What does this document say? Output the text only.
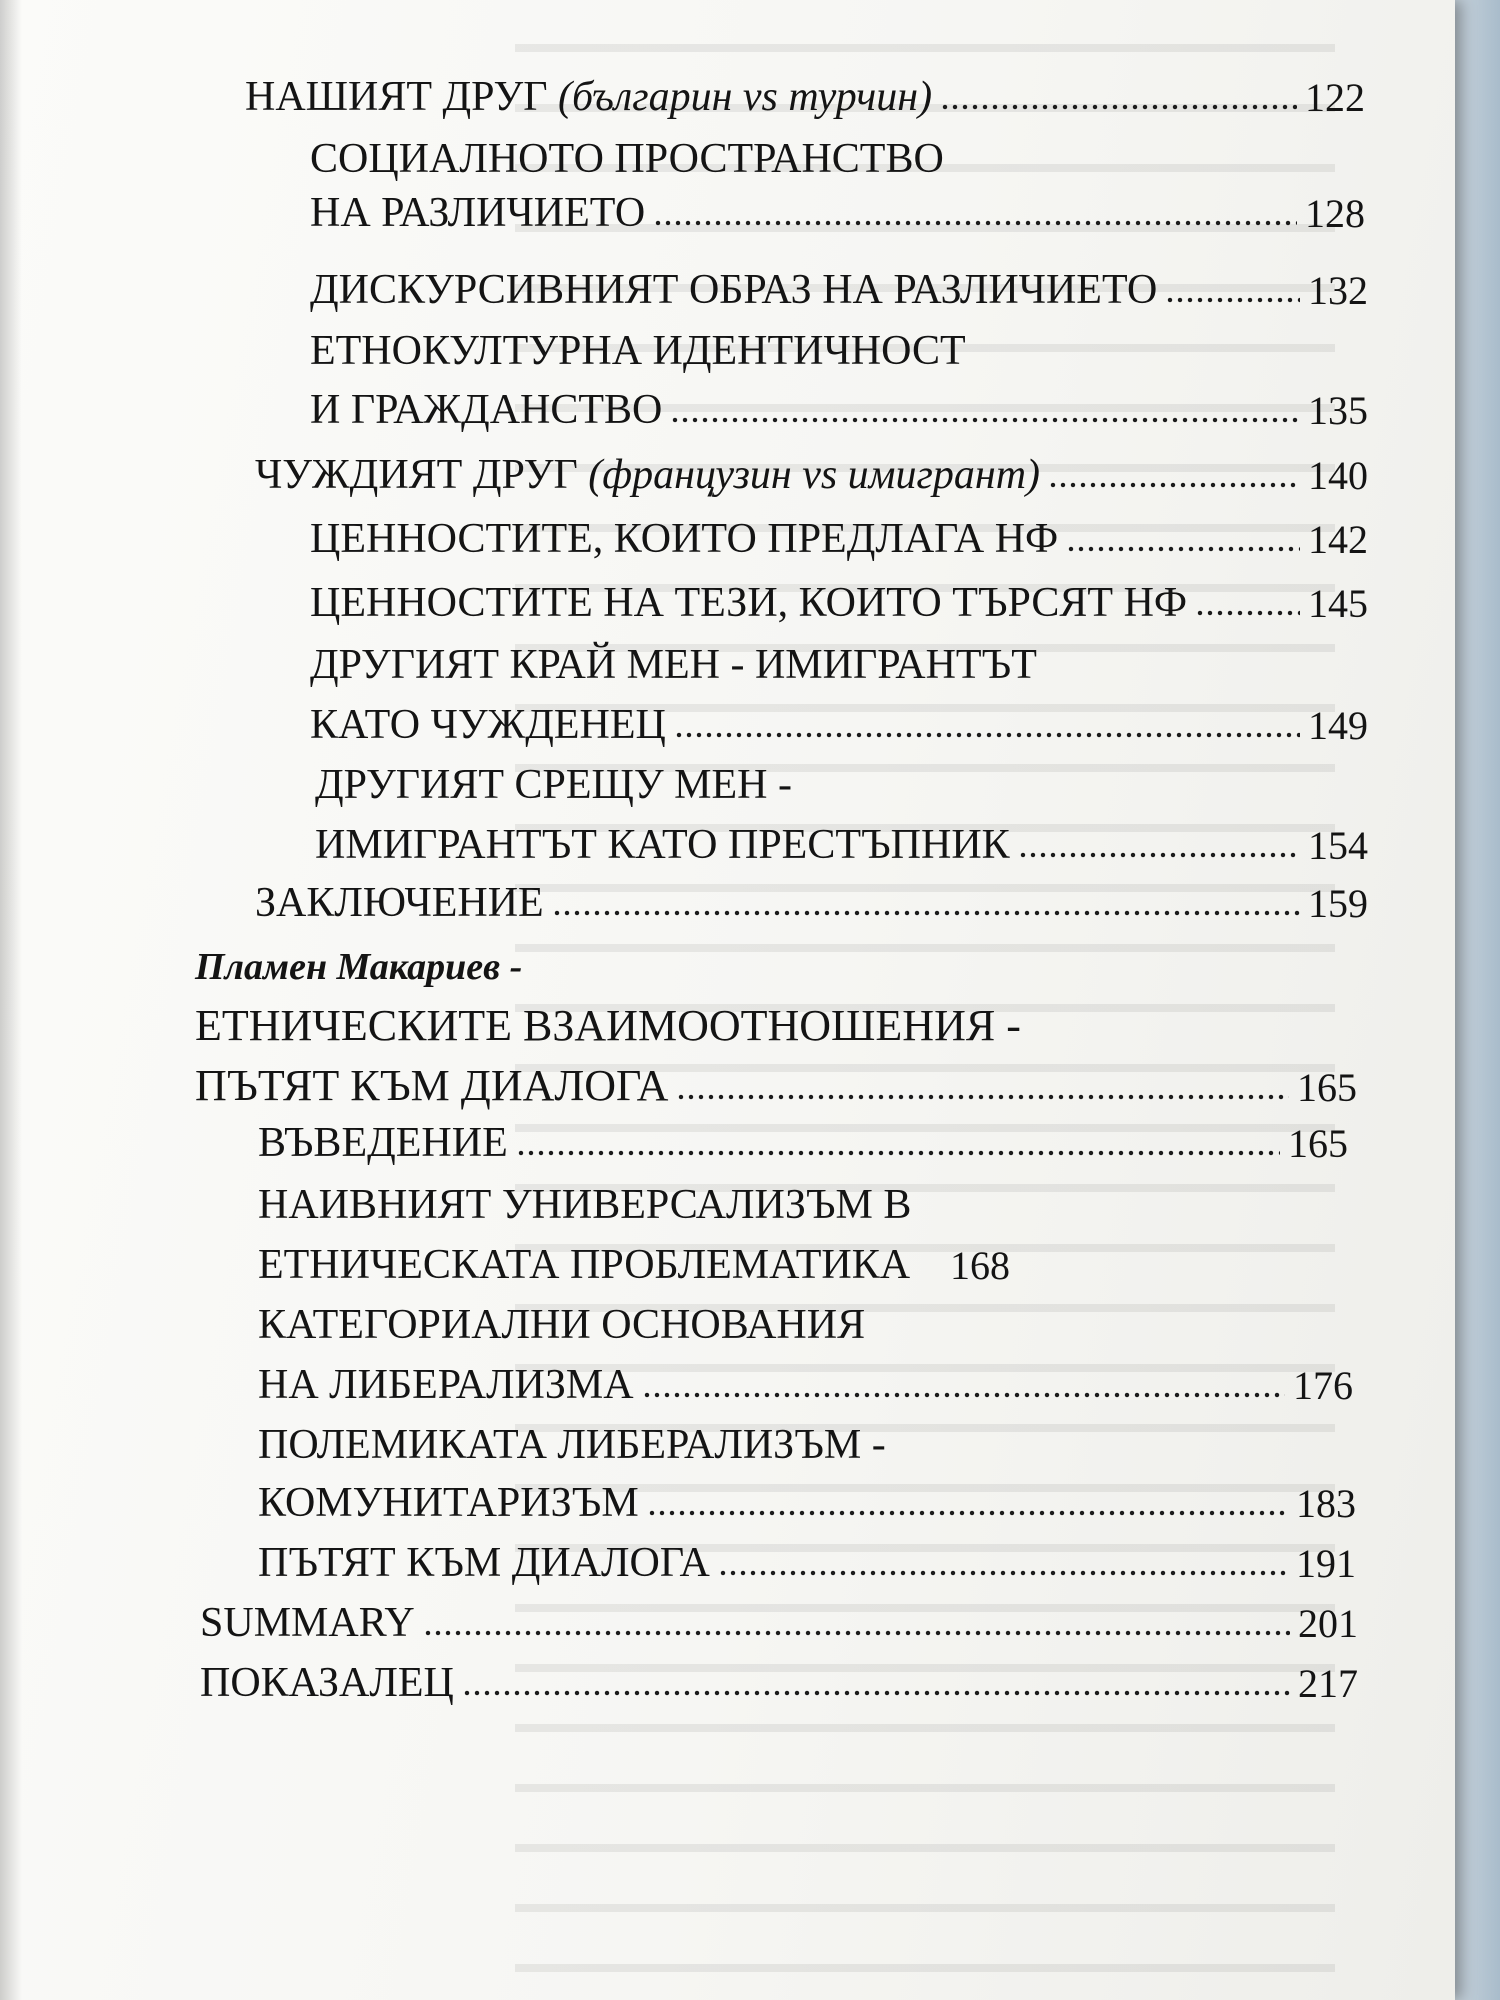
НАШИЯТ ДРУГ (българин vs турчин)	122
СОЦИАЛНОТО ПРОСТРАНСТВО
НА РАЗЛИЧИЕТО	128
ДИСКУРСИВНИЯТ ОБРАЗ НА РАЗЛИЧИЕТО	132
ЕТНОКУЛТУРНА ИДЕНТИЧНОСТ
И ГРАЖДАНСТВО	135
ЧУЖДИЯТ ДРУГ (французин vs имигрант)	140
ЦЕННОСТИТЕ, КОИТО ПРЕДЛАГА НФ	142
ЦЕННОСТИТЕ НА ТЕЗИ, КОИТО ТЪРСЯТ НФ	145
ДРУГИЯТ КРАЙ МЕН - ИМИГРАНТЪТ
КАТО ЧУЖДЕНЕЦ	149
ДРУГИЯТ СРЕЩУ МЕН -
ИМИГРАНТЪТ КАТО ПРЕСТЪПНИК	154
ЗАКЛЮЧЕНИЕ	159
Пламен Макариев -
ЕТНИЧЕСКИТЕ ВЗАИМООТНОШЕНИЯ -
ПЪТЯТ КЪМ ДИАЛОГА	165
ВЪВЕДЕНИЕ	165
НАИВНИЯТ УНИВЕРСАЛИЗЪМ В
ЕТНИЧЕСКАТА ПРОБЛЕМАТИКА 168
КАТЕГОРИАЛНИ ОСНОВАНИЯ
НА ЛИБЕРАЛИЗМА	176
ПОЛЕМИКАТА ЛИБЕРАЛИЗЪМ -
КОМУНИТАРИЗЪМ	183
ПЪТЯТ КЪМ ДИАЛОГА	191
SUMMARY	201
ПОКАЗАЛЕЦ	217
